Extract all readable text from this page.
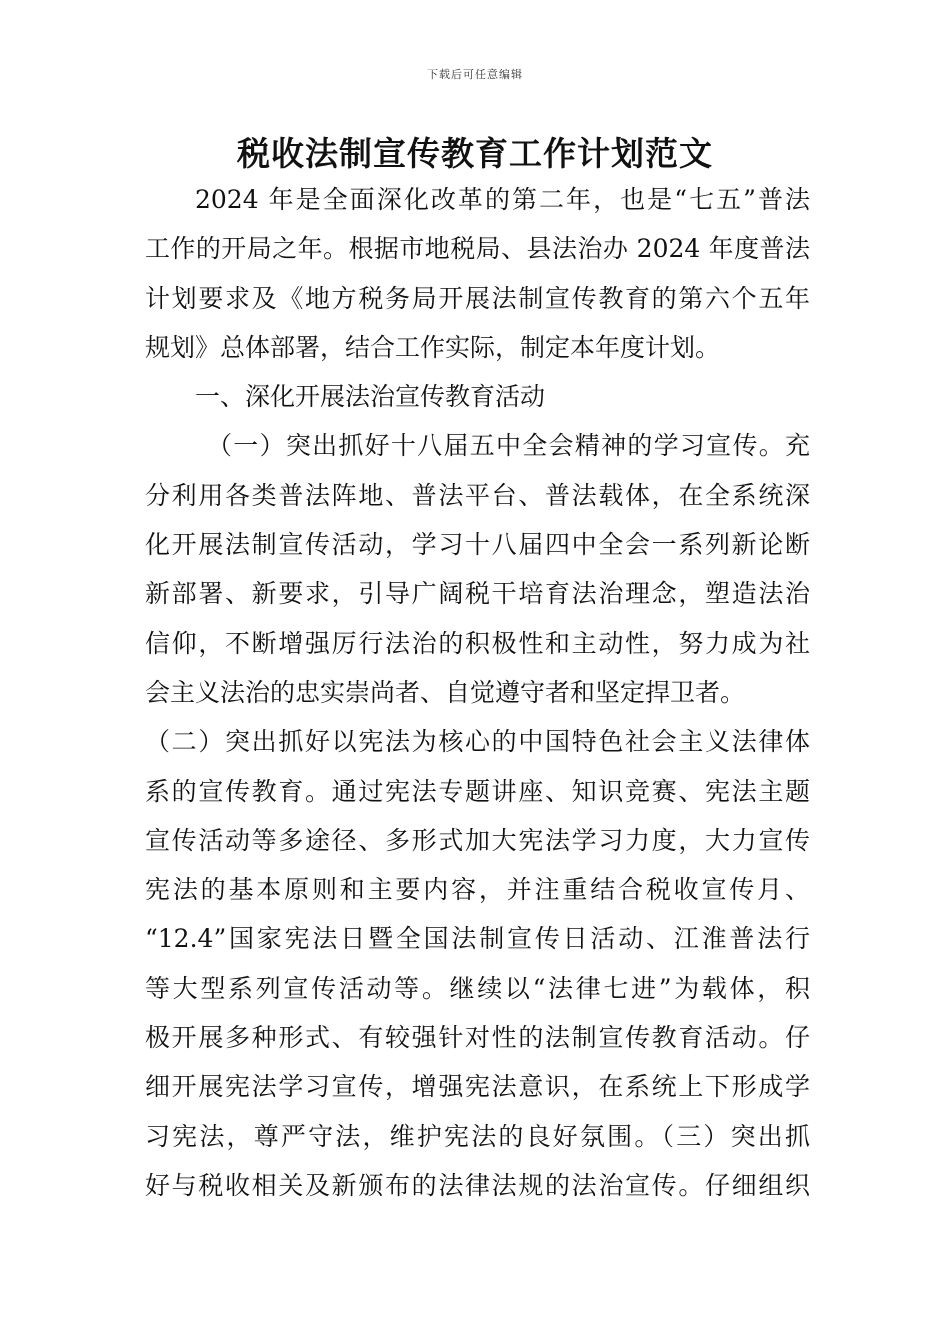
下载后可任意编辑
税收法制宣传教育工作计划范文
2024 年是全面深化改革的第二年，也是“七五”普法
工作的开局之年。根据市地税局、县法治办 2024 年度普法
计划要求及《地方税务局开展法制宣传教育的第六个五年
规划》总体部署，结合工作实际，制定本年度计划。
一、深化开展法治宣传教育活动
（一）突出抓好十八届五中全会精神的学习宣传。充
分利用各类普法阵地、普法平台、普法载体，在全系统深
化开展法制宣传活动，学习十八届四中全会一系列新论断
新部署、新要求，引导广阔税干培育法治理念，塑造法治
信仰，不断增强厉行法治的积极性和主动性，努力成为社
会主义法治的忠实崇尚者、自觉遵守者和坚定捍卫者。
（二）突出抓好以宪法为核心的中国特色社会主义法律体
系的宣传教育。通过宪法专题讲座、知识竞赛、宪法主题
宣传活动等多途径、多形式加大宪法学习力度，大力宣传
宪法的基本原则和主要内容，并注重结合税收宣传月、
“12.4”国家宪法日暨全国法制宣传日活动、江淮普法行
等大型系列宣传活动等。继续以“法律七进”为载体，积
极开展多种形式、有较强针对性的法制宣传教育活动。仔
细开展宪法学习宣传，增强宪法意识，在系统上下形成学
习宪法，尊严守法，维护宪法的良好氛围。（三）突出抓
好与税收相关及新颁布的法律法规的法治宣传。仔细组织
